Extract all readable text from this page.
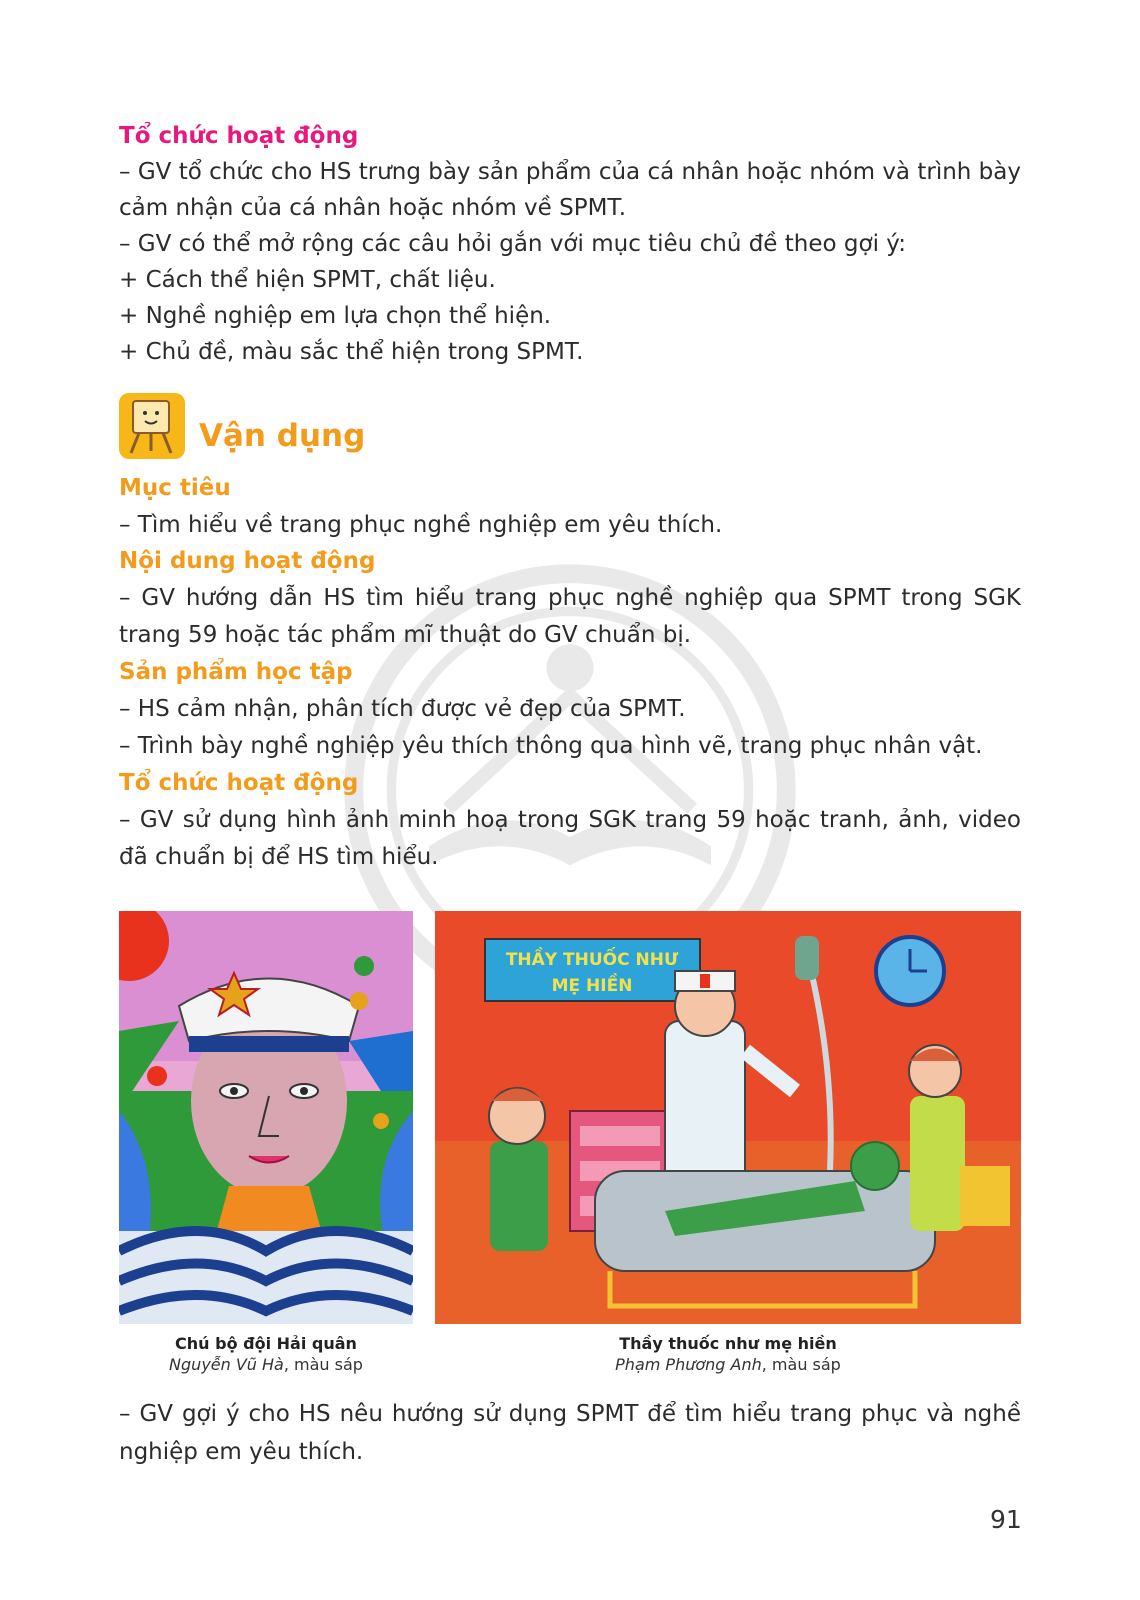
Tổ chức hoạt động

– GV tổ chức cho HS trưng bày sản phẩm của cá nhân hoặc nhóm và trình bày cảm nhận của cá nhân hoặc nhóm về SPMT.

– GV có thể mở rộng các câu hỏi gắn với mục tiêu chủ đề theo gợi ý:

+ Cách thể hiện SPMT, chất liệu.

+ Nghề nghiệp em lựa chọn thể hiện.

+ Chủ đề, màu sắc thể hiện trong SPMT.

Vận dụng

Mục tiêu

– Tìm hiểu về trang phục nghề nghiệp em yêu thích.

Nội dung hoạt động

– GV hướng dẫn HS tìm hiểu trang phục nghề nghiệp qua SPMT trong SGK trang 59 hoặc tác phẩm mĩ thuật do GV chuẩn bị.

Sản phẩm học tập

– HS cảm nhận, phân tích được vẻ đẹp của SPMT.

– Trình bày nghề nghiệp yêu thích thông qua hình vẽ, trang phục nhân vật.

Tổ chức hoạt động

– GV sử dụng hình ảnh minh hoạ trong SGK trang 59 hoặc tranh, ảnh, video đã chuẩn bị để HS tìm hiểu.

THẦY THUỐC NHƯ
MẸ HIỀN
Chú bộ đội Hải quân
Nguyễn Vũ Hà, màu sáp
Thầy thuốc như mẹ hiền
Phạm Phương Anh, màu sáp

– GV gợi ý cho HS nêu hướng sử dụng SPMT để tìm hiểu trang phục và nghề nghiệp em yêu thích.

91
